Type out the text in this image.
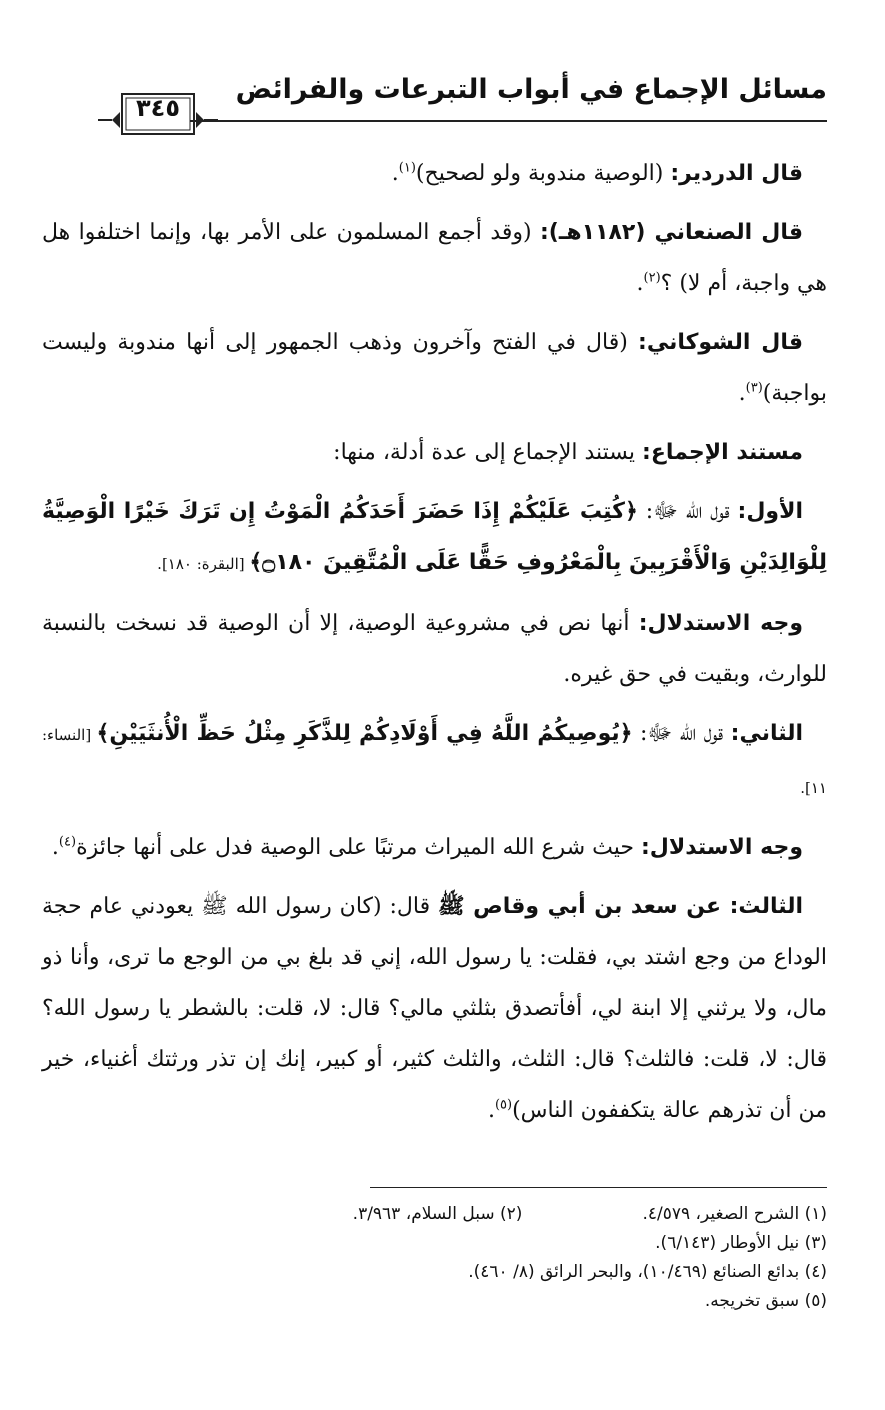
مسائل الإجماع في أبواب التبرعات والفرائض
٣٤٥

قال الدردير: (الوصية مندوبة ولو لصحيح)$^{(١)}$.

قال الصنعاني (١١٨٢هـ): (وقد أجمع المسلمون على الأمر بها، وإنما اختلفوا هل هي واجبة، أم لا) ؟$^{(٢)}$.

قال الشوكاني: (قال في الفتح وآخرون وذهب الجمهور إلى أنها مندوبة وليست بواجبة)$^{(٣)}$.

مستند الإجماع: يستند الإجماع إلى عدة أدلة، منها:

الأول: قول الله ﷻ: ﴿كُتِبَ عَلَيْكُمْ إِذَا حَضَرَ أَحَدَكُمُ الْمَوْتُ إِن تَرَكَ خَيْرًا الْوَصِيَّةُ لِلْوَالِدَيْنِ وَالْأَقْرَبِينَ بِالْمَعْرُوفِ حَقًّا عَلَى الْمُتَّقِينَ ۝١٨٠﴾ [البقرة: ١٨٠].

وجه الاستدلال: أنها نص في مشروعية الوصية، إلا أن الوصية قد نسخت بالنسبة للوارث، وبقيت في حق غيره.

الثاني: قول الله ﷻ: ﴿يُوصِيكُمُ اللَّهُ فِي أَوْلَادِكُمْ لِلذَّكَرِ مِثْلُ حَظِّ الْأُنثَيَيْنِ﴾ [النساء: ١١].

وجه الاستدلال: حيث شرع الله الميراث مرتبًا على الوصية فدل على أنها جائزة$^{(٤)}$.

الثالث: عن سعد بن أبي وقاص ﷺ قال: (كان رسول الله ﷺ يعودني عام حجة الوداع من وجع اشتد بي، فقلت: يا رسول الله، إني قد بلغ بي من الوجع ما ترى، وأنا ذو مال، ولا يرثني إلا ابنة لي، أفأتصدق بثلثي مالي؟ قال: لا، قلت: بالشطر يا رسول الله؟ قال: لا، قلت: فالثلث؟ قال: الثلث، والثلث كثير، أو كبير، إنك إن تذر ورثتك أغنياء، خير من أن تذرهم عالة يتكففون الناس)$^{(٥)}$.

(١) الشرح الصغير، ٤/٥٧٩.
(٢) سبل السلام، ٣/٩٦٣.
(٣) نيل الأوطار (٦/١٤٣).
(٤) بدائع الصنائع (١٠/٤٦٩)، والبحر الرائق (٨/ ٤٦٠).
(٥) سبق تخريجه.
